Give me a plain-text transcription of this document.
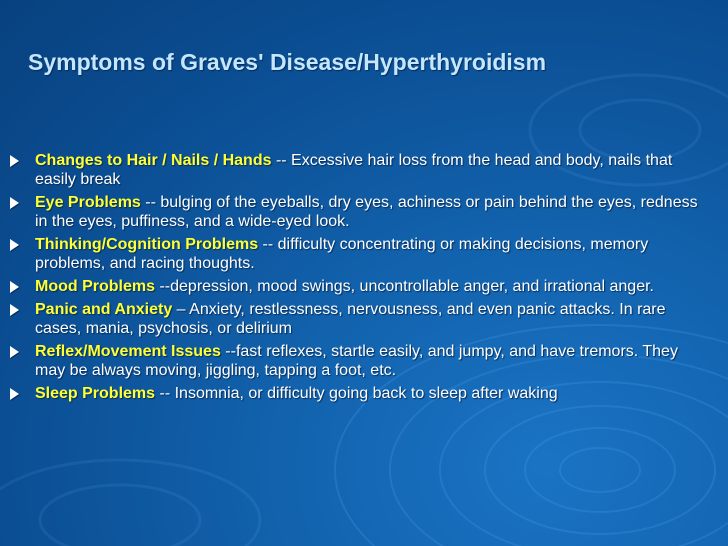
Symptoms of Graves' Disease/Hyperthyroidism
Changes to Hair / Nails / Hands -- Excessive hair loss from the head and body, nails that easily break
Eye Problems -- bulging of the eyeballs, dry eyes, achiness or pain behind the eyes, redness in the eyes, puffiness, and a wide-eyed look.
Thinking/Cognition Problems -- difficulty concentrating or making decisions, memory problems, and racing thoughts.
Mood Problems --depression, mood swings, uncontrollable anger, and irrational anger.
Panic and Anxiety – Anxiety, restlessness, nervousness, and even panic attacks. In rare cases, mania, psychosis, or delirium
Reflex/Movement Issues --fast reflexes, startle easily, and jumpy, and have tremors. They may be always moving, jiggling, tapping a foot, etc.
Sleep Problems -- Insomnia, or difficulty going back to sleep after waking
